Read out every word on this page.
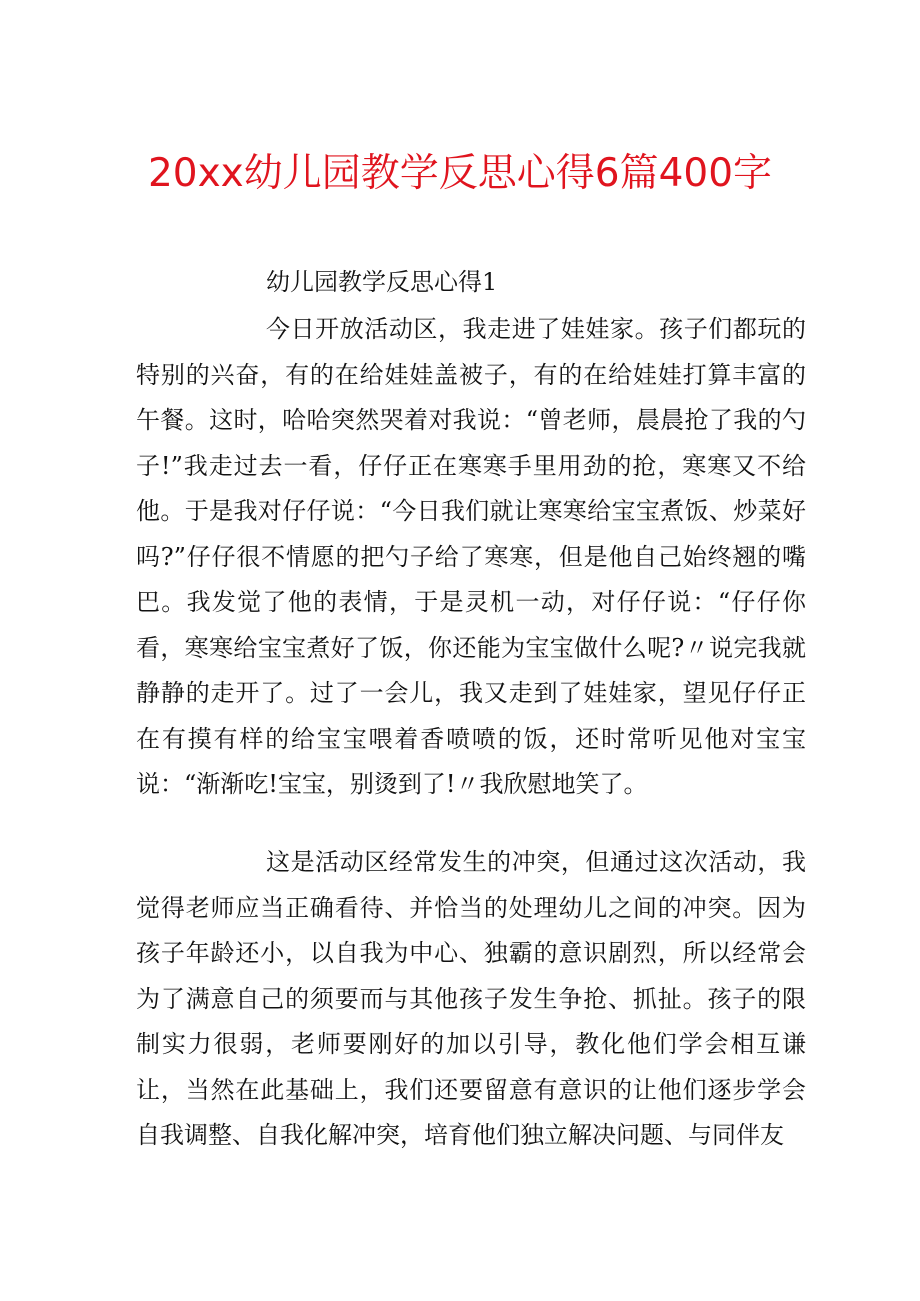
20xx幼儿园教学反思心得6篇400字
幼儿园教学反思心得1

今日开放活动区，我走进了娃娃家。孩子们都玩的特别的兴奋，有的在给娃娃盖被子，有的在给娃娃打算丰富的午餐。这时，哈哈突然哭着对我说：“曾老师，晨晨抢了我的勺子!”我走过去一看，仔仔正在寒寒手里用劲的抢，寒寒又不给他。于是我对仔仔说：“今日我们就让寒寒给宝宝煮饭、炒菜好吗?”仔仔很不情愿的把勺子给了寒寒，但是他自己始终翘的嘴巴。我发觉了他的表情，于是灵机一动，对仔仔说：“仔仔你看，寒寒给宝宝煮好了饭，你还能为宝宝做什么呢?〃说完我就静静的走开了。过了一会儿，我又走到了娃娃家，望见仔仔正在有摸有样的给宝宝喂着香喷喷的饭，还时常听见他对宝宝说：“渐渐吃!宝宝，别烫到了!〃我欣慰地笑了。

这是活动区经常发生的冲突，但通过这次活动，我觉得老师应当正确看待、并恰当的处理幼儿之间的冲突。因为孩子年龄还小，以自我为中心、独霸的意识剧烈，所以经常会为了满意自己的须要而与其他孩子发生争抢、抓扯。孩子的限制实力很弱，老师要刚好的加以引导，教化他们学会相互谦让，当然在此基础上，我们还要留意有意识的让他们逐步学会自我调整、自我化解冲突，培育他们独立解决问题、与同伴友
